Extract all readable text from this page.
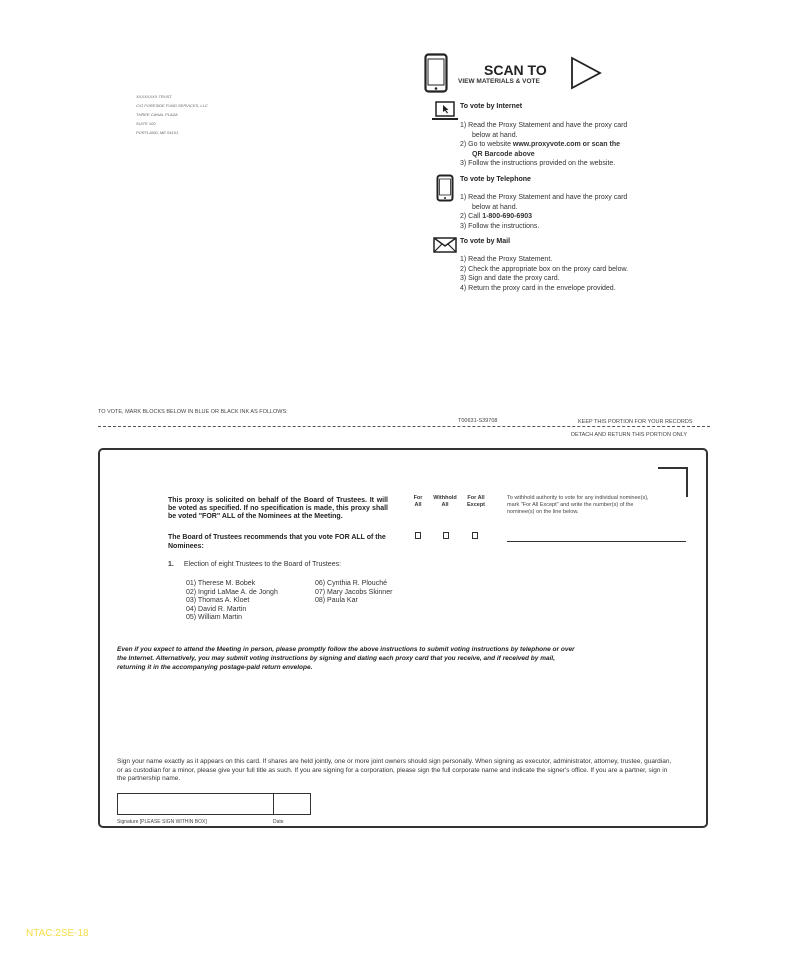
XXXXXXXX TRUST
C/O FORESIDE FUND SERVICES, LLC
THREE CANAL PLAZA
SUITE 100
PORTLAND, ME 04101
SCAN TO
VIEW MATERIALS & VOTE
To vote by Internet
1) Read the Proxy Statement and have the proxy card
below at hand.
2) Go to website www.proxyvote.com or scan the
QR Barcode above
3) Follow the instructions provided on the website.
To vote by Telephone
1) Read the Proxy Statement and have the proxy card
below at hand.
2) Call 1-800-690-6903
3) Follow the instructions.
To vote by Mail
1) Read the Proxy Statement.
2) Check the appropriate box on the proxy card below.
3) Sign and date the proxy card.
4) Return the proxy card in the envelope provided.
TO VOTE, MARK BLOCKS BELOW IN BLUE OR BLACK INK AS FOLLOWS:
T00631-S39708	KEEP THIS PORTION FOR YOUR RECORDS
DETACH AND RETURN THIS PORTION ONLY
This proxy is solicited on behalf of the Board of Trustees. It will be voted as specified. If no specification is made, this proxy shall be voted "FOR" ALL of the Nominees at the Meeting.
The Board of Trustees recommends that you vote FOR ALL of the Nominees:
For
All
Withhold
All
For All
Except
To withhold authority to vote for any individual nominee(s), mark "For All Except" and write the number(s) of the nominee(s) on the line below.
1. Election of eight Trustees to the Board of Trustees:
01) Therese M. Bobek
02) Ingrid LaMae A. de Jongh
03) Thomas A. Kloet
04) David R. Martin
05) William Martin
06) Cynthia R. Plouché
07) Mary Jacobs Skinner
08) Paula Kar
Even if you expect to attend the Meeting in person, please promptly follow the above instructions to submit voting instructions by telephone or over the Internet. Alternatively, you may submit voting instructions by signing and dating each proxy card that you receive, and if received by mail, returning it in the accompanying postage-paid return envelope.
Sign your name exactly as it appears on this card. If shares are held jointly, one or more joint owners should sign personally. When signing as executor, administrator, attorney, trustee, guardian, or as custodian for a minor, please give your full title as such. If you are signing for a corporation, please sign the full corporate name and indicate the signer's office. If you are a partner, sign in the partnership name.
Signature [PLEASE SIGN WITHIN BOX]	Date
NTAC:2SE-18
